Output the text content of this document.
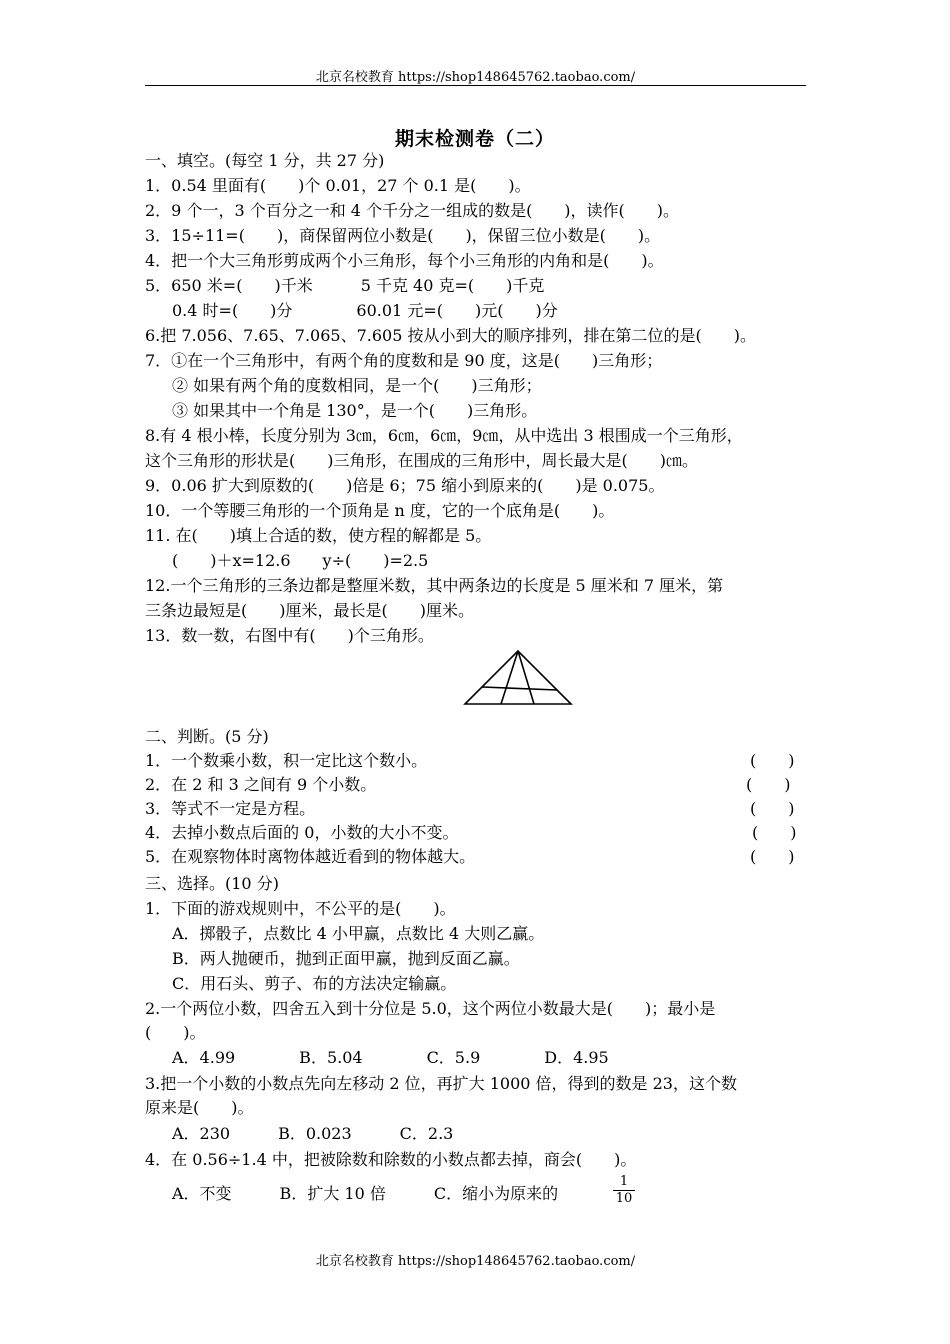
北京名校教育 https://shop148645762.taobao.com/
期末检测卷（二）
一、填空。(每空 1 分，共 27 分)
1．0.54 里面有(　　)个 0.01，27 个 0.1 是(　　)。
2．9 个一，3 个百分之一和 4 个千分之一组成的数是(　　)，读作(　　)。
3．15÷11=(　　)，商保留两位小数是(　　)，保留三位小数是(　　)。
4．把一个大三角形剪成两个小三角形，每个小三角形的内角和是(　　)。
5．650 米=(　　)千米　　　5 千克 40 克=(　　)千克
0.4 时=(　　)分　　　　60.01 元=(　　)元(　　)分
6.把 7.056、7.65、7.065、7.605 按从小到大的顺序排列，排在第二位的是(　　)。
7．①在一个三角形中，有两个角的度数和是 90 度，这是(　　)三角形；
② 如果有两个角的度数相同，是一个(　　)三角形；
③ 如果其中一个角是 130°，是一个(　　)三角形。
8.有 4 根小棒，长度分别为 3㎝，6㎝，6㎝，9㎝，从中选出 3 根围成一个三角形，
这个三角形的形状是(　　)三角形，在围成的三角形中，周长最大是(　　)㎝。
9．0.06 扩大到原数的(　　)倍是 6；75 缩小到原来的(　　)是 0.075。
10．一个等腰三角形的一个顶角是 n 度，它的一个底角是(　　)。
11. 在(　　)填上合适的数，使方程的解都是 5。
(　　)＋x=12.6　　y÷(　　)=2.5
12.一个三角形的三条边都是整厘米数，其中两条边的长度是 5 厘米和 7 厘米，第
三条边最短是(　　)厘米，最长是(　　)厘米。
13．数一数，右图中有(　　)个三角形。
二、判断。(5 分)
1．一个数乘小数，积一定比这个数小。	(　　)
2．在 2 和 3 之间有 9 个小数。	(　　)
3．等式不一定是方程。	(　　)
4．去掉小数点后面的 0，小数的大小不变。	(　　)
5．在观察物体时离物体越近看到的物体越大。	(　　)
三、选择。(10 分)
1．下面的游戏规则中，不公平的是(　　)。
A．掷骰子，点数比 4 小甲赢，点数比 4 大则乙赢。
B．两人抛硬币，抛到正面甲赢，抛到反面乙赢。
C．用石头、剪子、布的方法决定输赢。
2.一个两位小数，四舍五入到十分位是 5.0，这个两位小数最大是(　　)；最小是
(　　)。
A．4.99　　　　B．5.04　　　　C．5.9　　　　D．4.95
3.把一个小数的小数点先向左移动 2 位，再扩大 1000 倍，得到的数是 23，这个数
原来是(　　)。
A．230　　　B．0.023　　　C．2.3
4．在 0.56÷1.4 中，把被除数和除数的小数点都去掉，商会(　　)。
A．不变　　　B．扩大 10 倍　　　C．缩小为原来的
1
10
北京名校教育 https://shop148645762.taobao.com/
